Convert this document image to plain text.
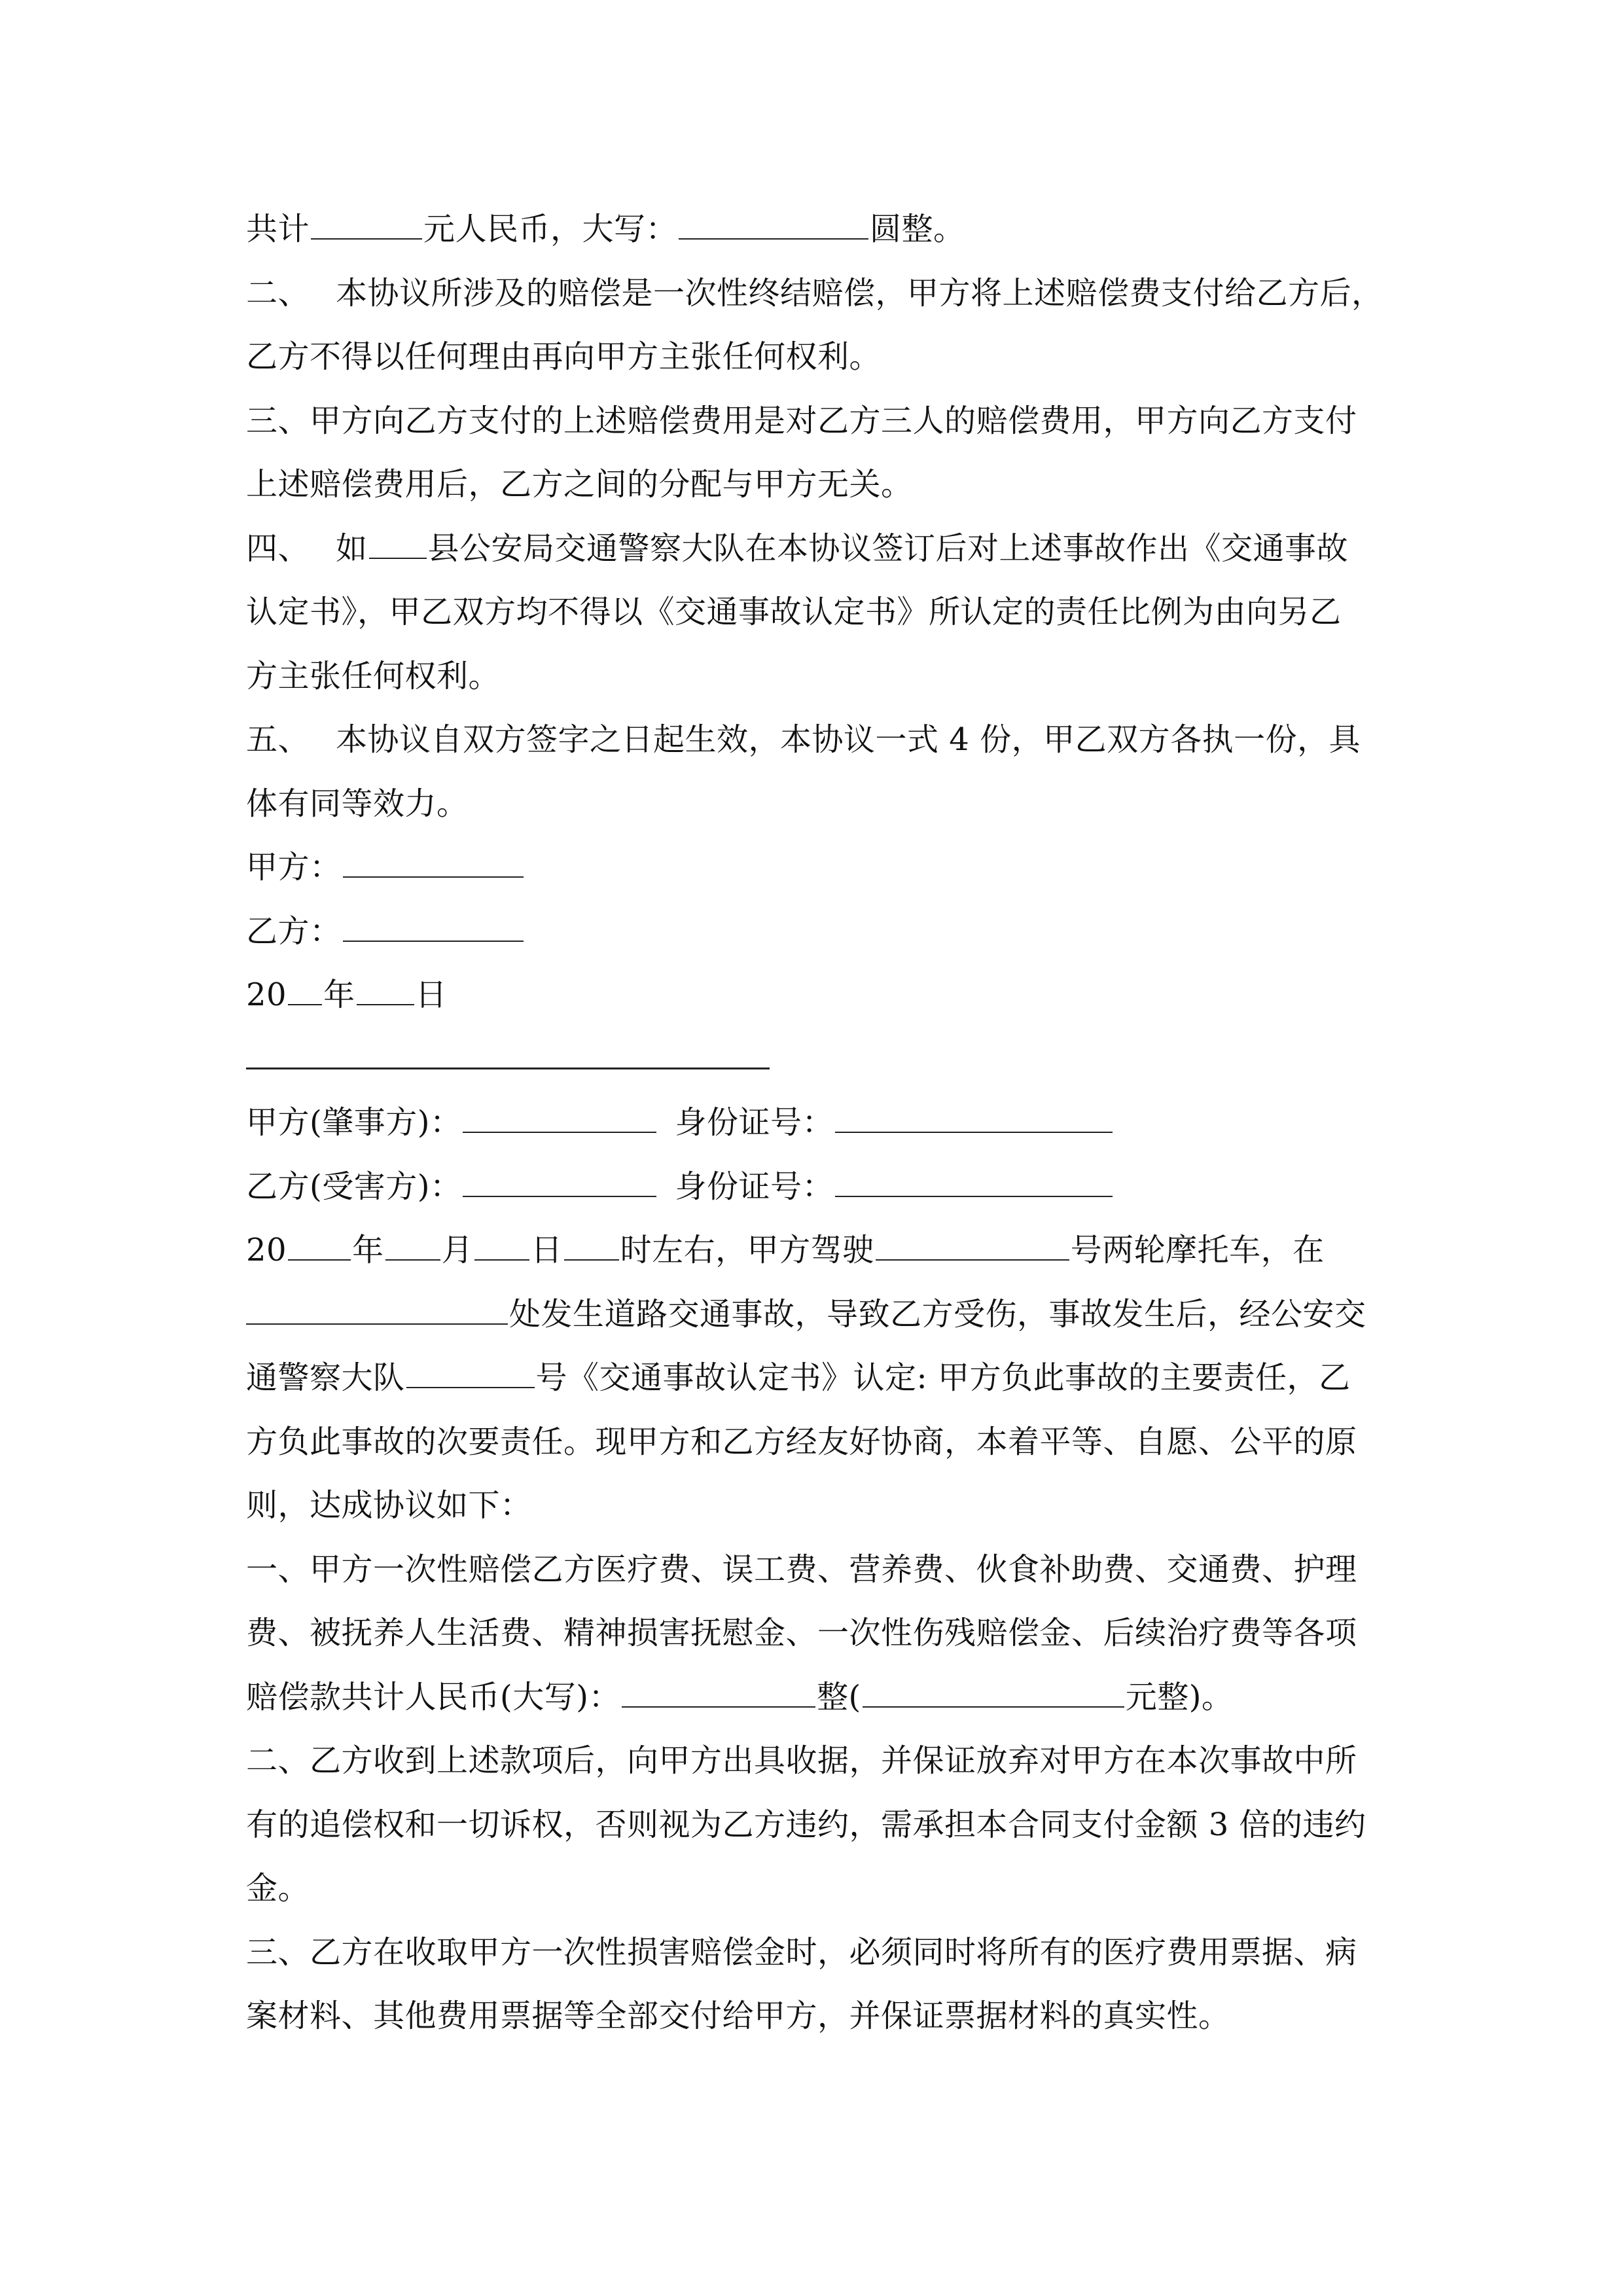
共计	元人民币，大写：	圆整。
二、 本协议所涉及的赔偿是一次性终结赔偿，甲方将上述赔偿费支付给乙方后，
乙方不得以任何理由再向甲方主张任何权利。
三、甲方向乙方支付的上述赔偿费用是对乙方三人的赔偿费用，甲方向乙方支付
上述赔偿费用后，乙方之间的分配与甲方无关。
四、 如 县公安局交通警察大队在本协议签订后对上述事故作出《交通事故
认定书》，甲乙双方均不得以《交通事故认定书》所认定的责任比例为由向另乙
方主张任何权利。
五、 本协议自双方签字之日起生效，本协议一式 4 份，甲乙双方各执一份，具
体有同等效力。
甲方：
乙方：
20 年 日
甲方(肇事方)：	身份证号：
乙方(受害方)：	身份证号：
20 年 月 日 时左右，甲方驾驶	号两轮摩托车，在
处发生道路交通事故，导致乙方受伤，事故发生后，经公安交
通警察大队	号《交通事故认定书》认定: 甲方负此事故的主要责任，乙
方负此事故的次要责任。现甲方和乙方经友好协商，本着平等、自愿、公平的原
则，达成协议如下：
一、甲方一次性赔偿乙方医疗费、误工费、营养费、伙食补助费、交通费、护理
费、被抚养人生活费、精神损害抚慰金、一次性伤残赔偿金、后续治疗费等各项
赔偿款共计人民币(大写)：	整(	元整)。
二、乙方收到上述款项后，向甲方出具收据，并保证放弃对甲方在本次事故中所
有的追偿权和一切诉权，否则视为乙方违约，需承担本合同支付金额 3 倍的违约
金。
三、乙方在收取甲方一次性损害赔偿金时，必须同时将所有的医疗费用票据、病
案材料、其他费用票据等全部交付给甲方，并保证票据材料的真实性。
